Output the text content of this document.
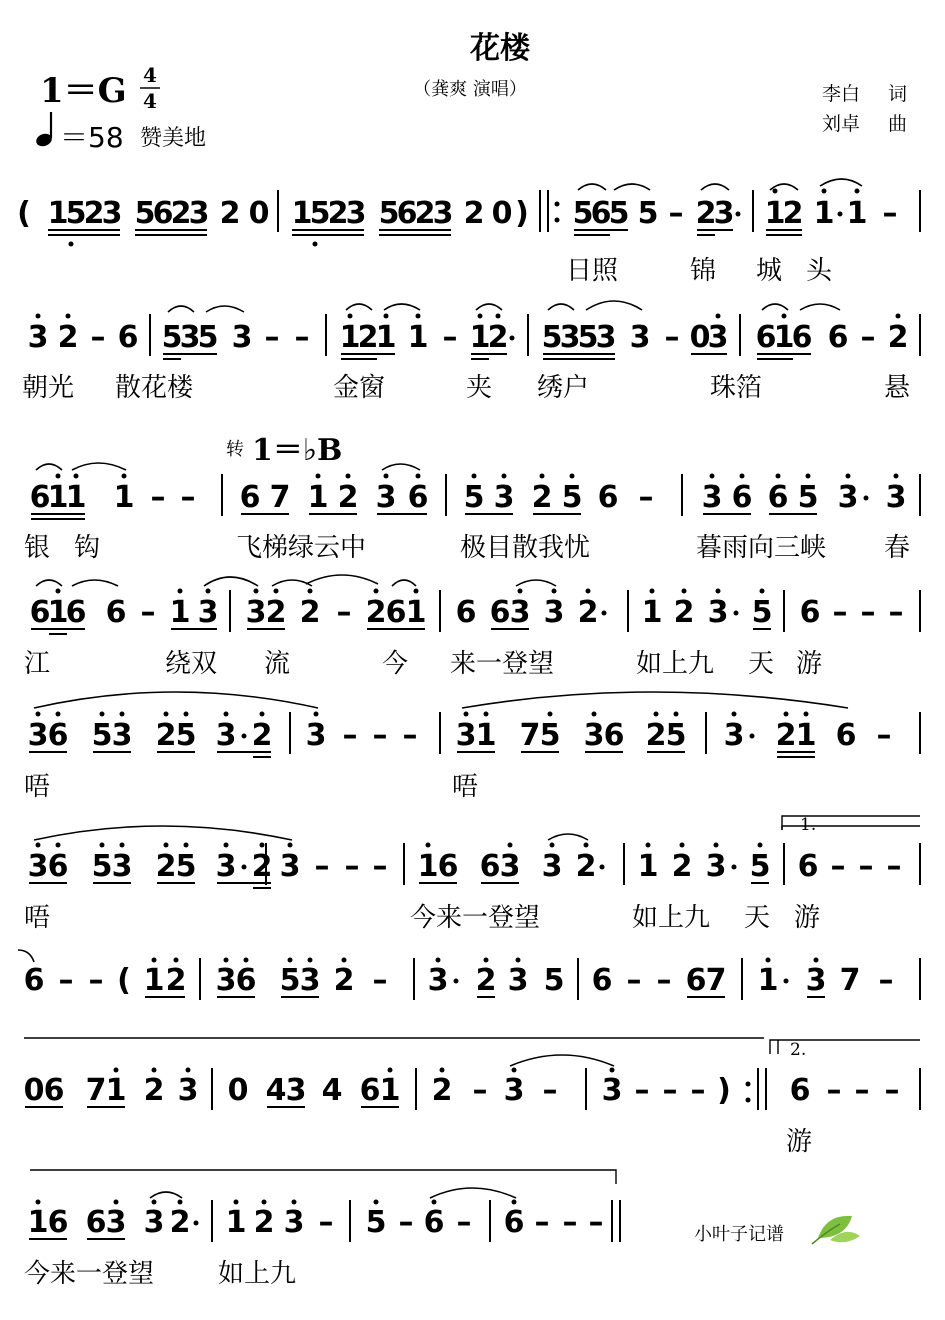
花楼
（龚爽 演唱）
1＝G 4
4
＝58 赞美地
李白 词
刘卓 曲
( 1
5
2
3 5
6
2
3 2 0 1
5
2
3 5
6
2
3 2 0 ) 5
6
5 5 – 2
3 1
2 1 1 –
日照	锦 城 头
3 2 – 6 5
3
5 3 – – 1
2
1 1 – 1
2 5
3
5
3 3 – 0
3 6
1
6 6 – 2
朝光 散花楼	金窗	夹 绣户	珠箔	悬
转 1＝♭B
6
1
1 1 – – 6 7 1 2 3 6 5 3 2 5 6 – 3 6 6 5 3 3
银 钩	飞梯绿云中	极目散我忧	暮雨向三峡 春
6
1
6 6 – 1 3 3 2 2 – 2 6 1 6 6 3 3 2 1 2 3 5 6 – – –
江	绕双 流	今 来一登望	如上九 天 游
3 6 5 3 2 5 3 2 3 – – – 3 1 7 5 3 6 2 5 3 2 1 6 –
唔	唔
1.
3 6 5 3 2 5 3 2 3 – – – 1 6 6 3 3 2 1 2 3 5 6 – – –
唔	今来一登望	如上九 天 游
6 – – ( 1 2 3 6 5 3 2 – 3 2 3 5 6 – – 6 7 1 3 7 –
2.
0 6 7 1 2 3 0 4 3 4 6 1 2 – 3 – 3 – – – ) 6 – – –
游
1 6 6 3 3 2 1 2 3 – 5 – 6 – 6 – – –
今来一登望 如上九
小叶子记谱
